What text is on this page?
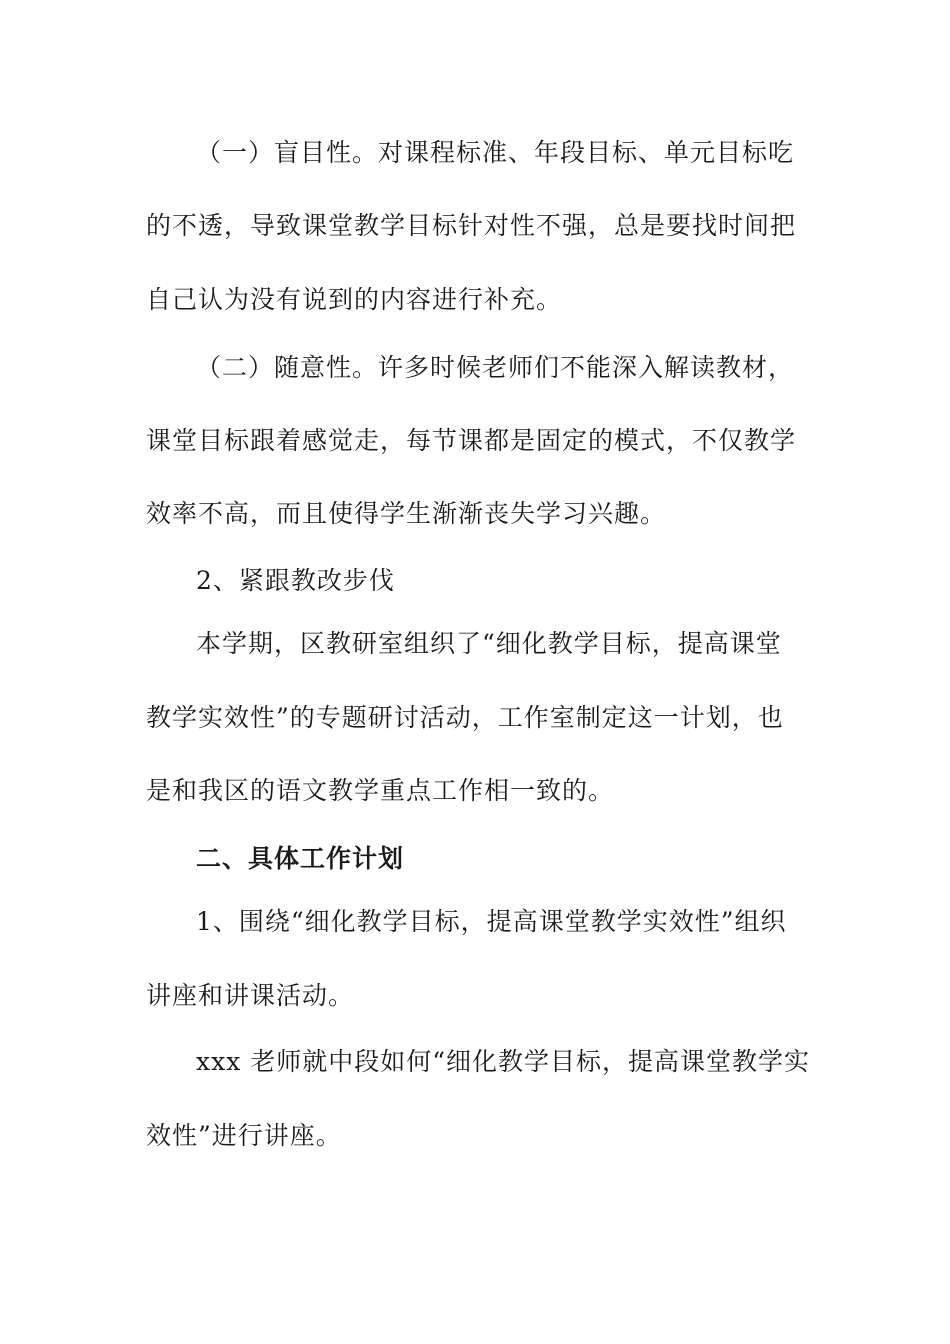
（一）盲目性。对课程标准、年段目标、单元目标吃
的不透，导致课堂教学目标针对性不强，总是要找时间把
自己认为没有说到的内容进行补充。
（二）随意性。许多时候老师们不能深入解读教材，
课堂目标跟着感觉走，每节课都是固定的模式，不仅教学
效率不高，而且使得学生渐渐丧失学习兴趣。
2、紧跟教改步伐
本学期，区教研室组织了“细化教学目标，提高课堂
教学实效性”的专题研讨活动，工作室制定这一计划，也
是和我区的语文教学重点工作相一致的。
二、具体工作计划
1、围绕“细化教学目标，提高课堂教学实效性”组织
讲座和讲课活动。
xxx 老师就中段如何“细化教学目标，提高课堂教学实
效性”进行讲座。
